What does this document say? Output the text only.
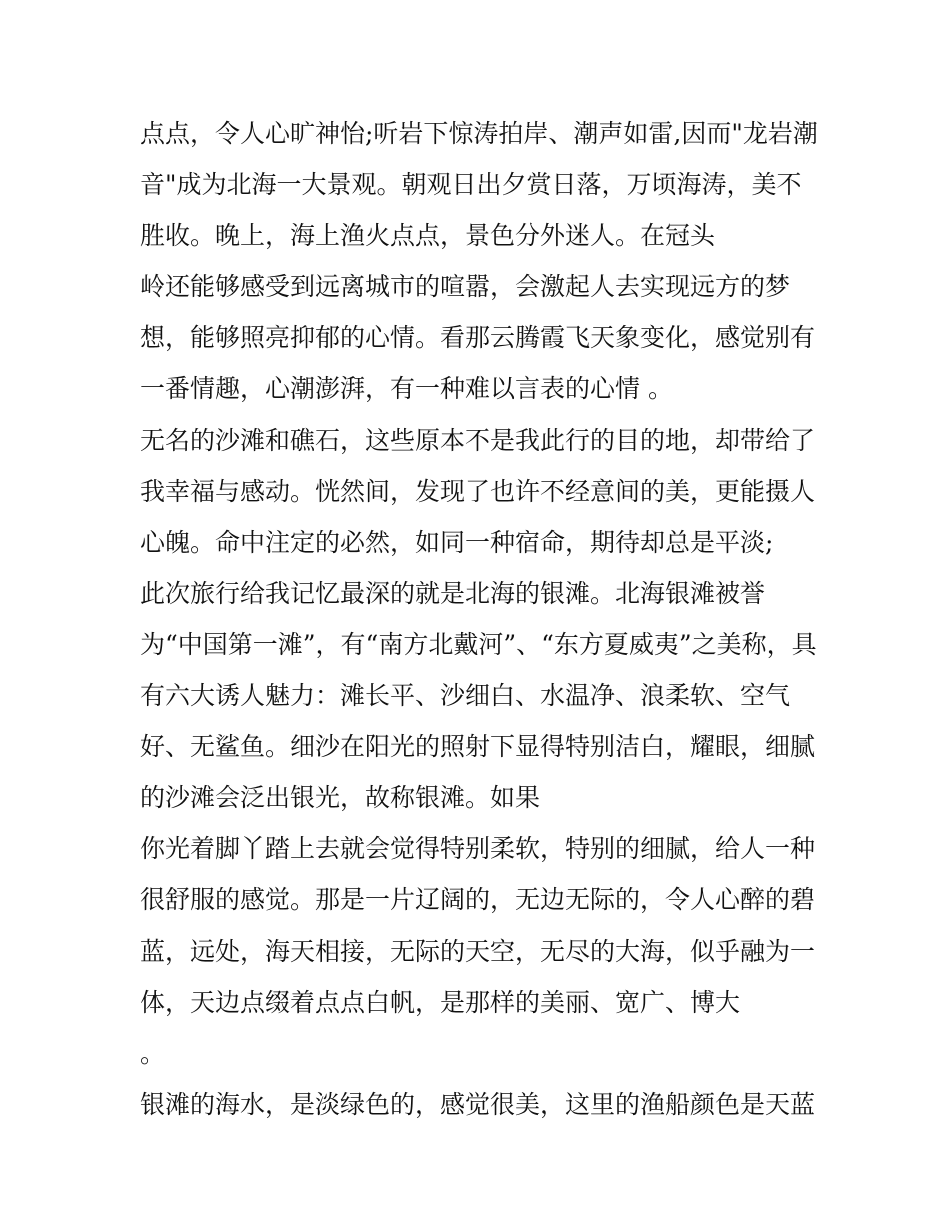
点点，令人心旷神怡;听岩下惊涛拍岸、潮声如雷,因而"龙岩潮
音"成为北海一大景观。朝观日出夕赏日落，万顷海涛，美不
胜收。晚上，海上渔火点点，景色分外迷人。在冠头
岭还能够感受到远离城市的喧嚣，会激起人去实现远方的梦
想，能够照亮抑郁的心情。看那云腾霞飞天象变化，感觉别有
一番情趣，心潮澎湃，有一种难以言表的心情 。
无名的沙滩和礁石，这些原本不是我此行的目的地，却带给了
我幸福与感动。恍然间，发现了也许不经意间的美，更能摄人
心魄。命中注定的必然，如同一种宿命，期待却总是平淡;
此次旅行给我记忆最深的就是北海的银滩。北海银滩被誉
为“中国第一滩”，有“南方北戴河”、“东方夏威夷”之美称，具
有六大诱人魅力：滩长平、沙细白、水温净、浪柔软、空气
好、无鲨鱼。细沙在阳光的照射下显得特别洁白，耀眼，细腻
的沙滩会泛出银光，故称银滩。如果
你光着脚丫踏上去就会觉得特别柔软，特别的细腻，给人一种
很舒服的感觉。那是一片辽阔的，无边无际的，令人心醉的碧
蓝，远处，海天相接，无际的天空，无尽的大海，似乎融为一
体，天边点缀着点点白帆，是那样的美丽、宽广、博大
。
银滩的海水，是淡绿色的，感觉很美，这里的渔船颜色是天蓝
